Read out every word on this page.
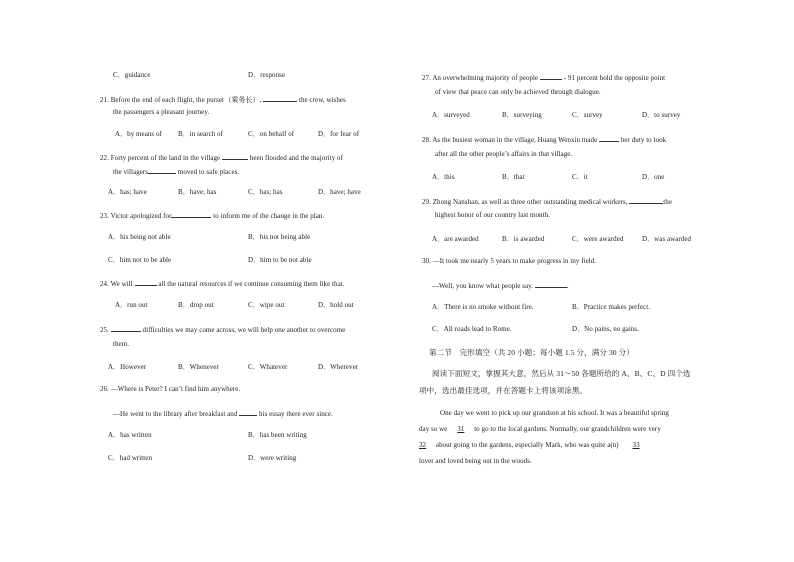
C．guidance	D．response
21. Before the end of each flight, the purser（乘务长）,	the crew, wishes
the passengers a pleasant journey.
A．by means of B．in search of	C．on behalf of	D．for fear of
22. Forty percent of the land in the village	been flooded and the majority of
the villagers	moved to safe places.
A．has; have	B．have; has	C．has; has	D．have; have
23. Victor apologized for	to inform me of the change in the plan.
A．his being not able	B．his not being able
C．him not to be able	D．him to be not able
24. We will	all the natural resources if we continue consuming them like that.
A．run out	B．drop out	C．wipe out	D．hold out
25.	difficulties we may come across, we will help one another to overcome
them.
A．However	B．Whenever	C．Whatever	D．Wherever
26. —Where is Peter? I can’t find him anywhere.
—He went to the library after breakfast and	his essay there ever since.
A．has written	B．has been writing
C．had written	D．were writing
27. An overwhelming majority of people	- 91 percent hold the opposite point
of view that peace can only be achieved through dialogue.
A．surveyed	B．surveying	C．survey	D．to survey
28. As the busiest woman in the village, Huang Wenxiu made	her duty to look
after all the other people’s affairs in that village.
A．this	B．that	C．it	D．one
29. Zhong Nanshan, as well as three other outstanding medical workers,	the
highest honor of our country last month.
A．are awarded	B．is awarded	C．were awarded	D．was awarded
30. —It took me nearly 5 years to make progress in my field.
—Well, you know what people say.	.
A．There is no smoke without fire.	B．Practice makes perfect.
C．All roads lead to Rome.	D．No pains, no gains.
第二节　完形填空（共 20 小题；每小题 1.5 分，满分 30 分）
阅读下面短文，掌握其大意，然后从 31～50 各题所给的 A、B、C、D 四个选
项中，选出最佳选项，并在答题卡上将该项涂黑。
One day we went to pick up our grandson at his school. It was a beautiful spring
day so we 31 to go to the local gardens. Normally, our grandchildren were very
32 about going to the gardens, especially Mark, who was quite a(n) 33
lover and loved being out in the woods.
